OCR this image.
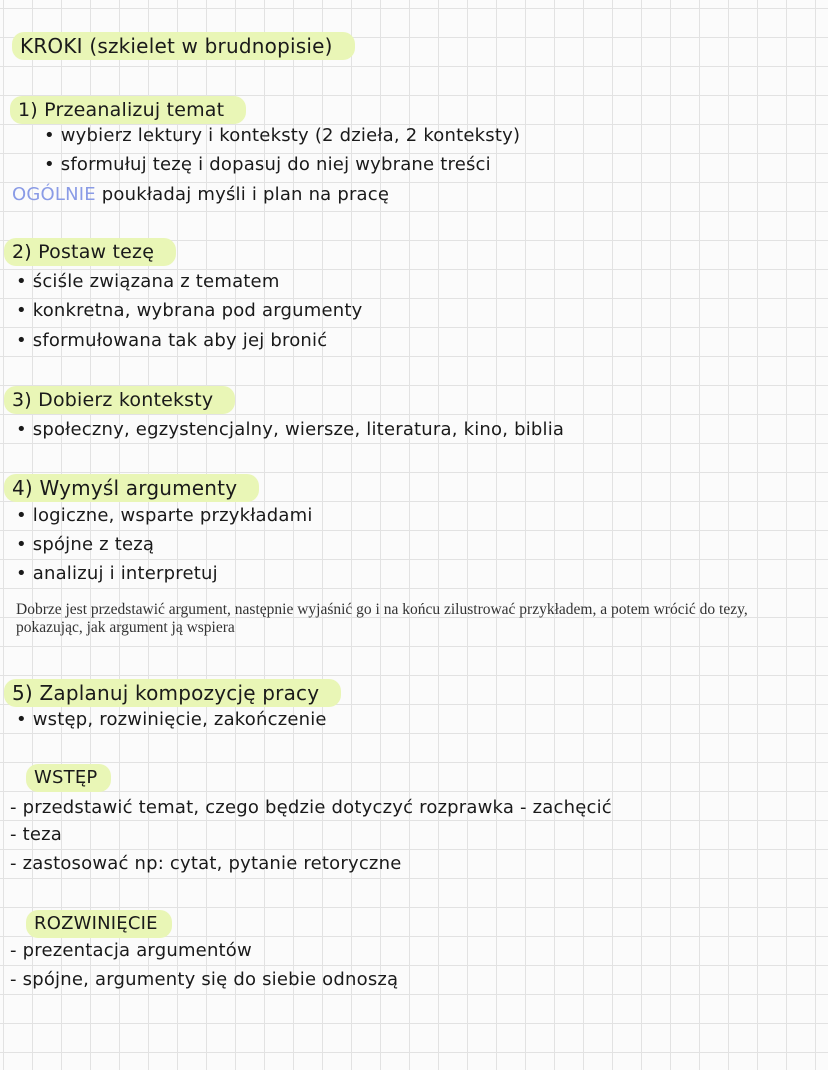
KROKI (szkielet w brudnopisie)
1) Przeanalizuj temat
• wybierz lektury i konteksty (2 dzieła, 2 konteksty)
• sformułuj tezę i dopasuj do niej wybrane treści
OGÓLNIE poukładaj myśli i plan na pracę
2) Postaw tezę
• ściśle związana z tematem
• konkretna, wybrana pod argumenty
• sformułowana tak aby jej bronić
3) Dobierz konteksty
• społeczny, egzystencjalny, wiersze, literatura, kino, biblia
4) Wymyśl argumenty
• logiczne, wsparte przykładami
• spójne z tezą
• analizuj i interpretuj
Dobrze jest przedstawić argument, następnie wyjaśnić go i na końcu zilustrować przykładem, a potem wrócić do tezy, pokazując, jak argument ją wspiera
5) Zaplanuj kompozycję pracy
• wstęp, rozwinięcie, zakończenie
WSTĘP
- przedstawić temat, czego będzie dotyczyć rozprawka - zachęcić
- teza
- zastosować np: cytat, pytanie retoryczne
ROZWINIĘCIE
- prezentacja argumentów
- spójne, argumenty się do siebie odnoszą
